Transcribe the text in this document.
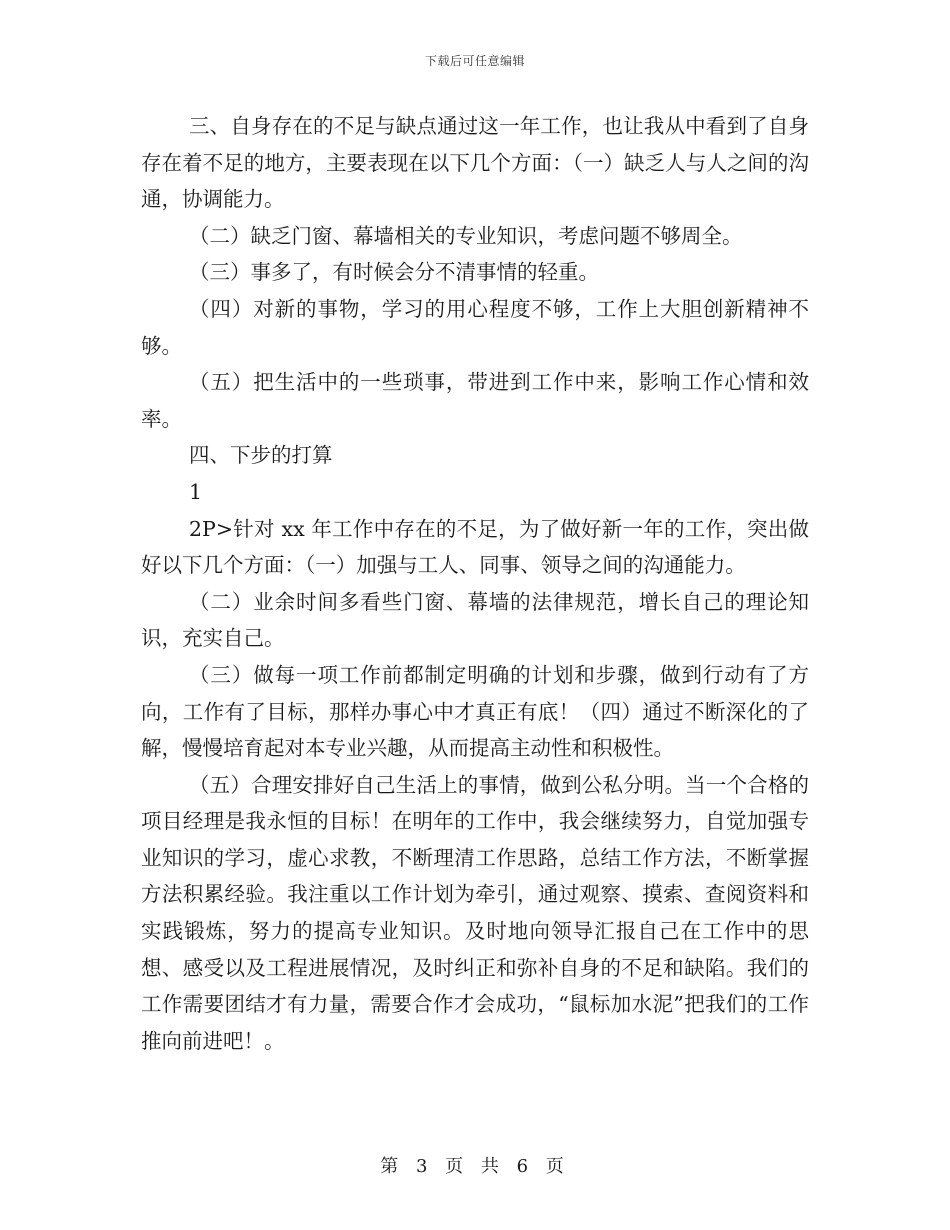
下载后可任意编辑

三、自身存在的不足与缺点通过这一年工作，也让我从中看到了自身存在着不足的地方，主要表现在以下几个方面：（一）缺乏人与人之间的沟通，协调能力。

（二）缺乏门窗、幕墙相关的专业知识，考虑问题不够周全。

（三）事多了，有时候会分不清事情的轻重。

（四）对新的事物，学习的用心程度不够，工作上大胆创新精神不够。

（五）把生活中的一些琐事，带进到工作中来，影响工作心情和效率。

四、下步的打算

1

2P>针对 xx 年工作中存在的不足，为了做好新一年的工作，突出做好以下几个方面：（一）加强与工人、同事、领导之间的沟通能力。

（二）业余时间多看些门窗、幕墙的法律规范，增长自己的理论知识，充实自己。

（三）做每一项工作前都制定明确的计划和步骤，做到行动有了方向，工作有了目标，那样办事心中才真正有底！（四）通过不断深化的了解，慢慢培育起对本专业兴趣，从而提高主动性和积极性。

（五）合理安排好自己生活上的事情，做到公私分明。当一个合格的项目经理是我永恒的目标！在明年的工作中，我会继续努力，自觉加强专业知识的学习，虚心求教，不断理清工作思路，总结工作方法，不断掌握方法积累经验。我注重以工作计划为牵引，通过观察、摸索、查阅资料和实践锻炼，努力的提高专业知识。及时地向领导汇报自己在工作中的思想、感受以及工程进展情况，及时纠正和弥补自身的不足和缺陷。我们的工作需要团结才有力量，需要合作才会成功，“鼠标加水泥”把我们的工作推向前进吧！。

第 3 页 共 6 页
